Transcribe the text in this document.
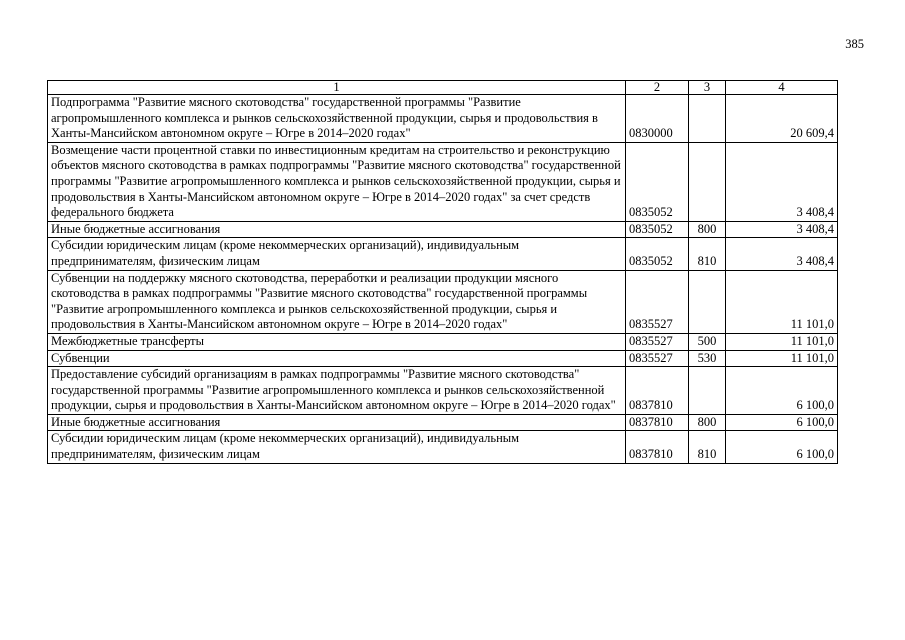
385
1	2	3	4
Подпрограмма "Развитие мясного скотоводства" государственной программы "Развитие агропромышленного комплекса и рынков сельскохозяйственной продукции, сырья и продовольствия в Ханты-Мансийском автономном округе – Югре в 2014–2020 годах"	0830000		20 609,4
Возмещение части процентной ставки по инвестиционным кредитам на строительство и реконструкцию объектов мясного скотоводства в рамках подпрограммы "Развитие мясного скотоводства" государственной программы "Развитие агропромышленного комплекса и рынков сельскохозяйственной продукции, сырья и продовольствия в Ханты-Мансийском автономном округе – Югре в 2014–2020 годах" за счет средств федерального бюджета	0835052		3 408,4
Иные бюджетные ассигнования	0835052	800	3 408,4
Субсидии юридическим лицам (кроме некоммерческих организаций), индивидуальным предпринимателям, физическим лицам	0835052	810	3 408,4
Субвенции на поддержку мясного скотоводства, переработки и реализации продукции мясного скотоводства в рамках подпрограммы "Развитие мясного скотоводства" государственной программы "Развитие агропромышленного комплекса и рынков сельскохозяйственной продукции, сырья и продовольствия в Ханты-Мансийском автономном округе – Югре в 2014–2020 годах"	0835527		11 101,0
Межбюджетные трансферты	0835527	500	11 101,0
Субвенции	0835527	530	11 101,0
Предоставление субсидий организациям в рамках подпрограммы "Развитие мясного скотоводства" государственной программы "Развитие агропромышленного комплекса и рынков сельскохозяйственной продукции, сырья и продовольствия в Ханты-Мансийском автономном округе – Югре в 2014–2020 годах"	0837810		6 100,0
Иные бюджетные ассигнования	0837810	800	6 100,0
Субсидии юридическим лицам (кроме некоммерческих организаций), индивидуальным предпринимателям, физическим лицам	0837810	810	6 100,0
